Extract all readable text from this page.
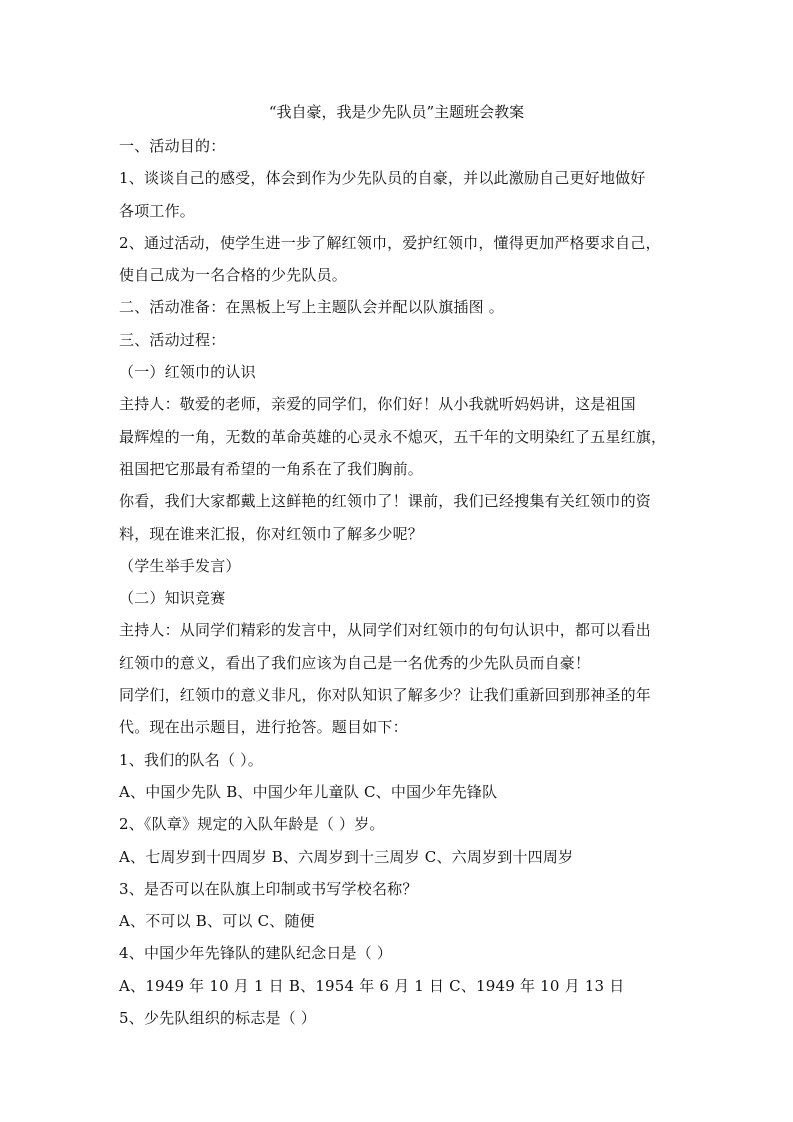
“我自豪，我是少先队员”主题班会教案
一、活动目的：
1、谈谈自己的感受，体会到作为少先队员的自豪，并以此激励自己更好地做好
各项工作。
2、通过活动，使学生进一步了解红领巾，爱护红领巾，懂得更加严格要求自己，
使自己成为一名合格的少先队员。
二、活动准备：在黑板上写上主题队会并配以队旗插图 。
三、活动过程：
（一）红领巾的认识
主持人：敬爱的老师，亲爱的同学们，你们好！从小我就听妈妈讲，这是祖国
最辉煌的一角，无数的革命英雄的心灵永不熄灭，五千年的文明染红了五星红旗，
祖国把它那最有希望的一角系在了我们胸前。
你看，我们大家都戴上这鲜艳的红领巾了！课前，我们已经搜集有关红领巾的资
料，现在谁来汇报，你对红领巾了解多少呢？
（学生举手发言）
（二）知识竞赛
主持人：从同学们精彩的发言中，从同学们对红领巾的句句认识中，都可以看出
红领巾的意义，看出了我们应该为自己是一名优秀的少先队员而自豪！
同学们，红领巾的意义非凡，你对队知识了解多少？让我们重新回到那神圣的年
代。现在出示题目，进行抢答。题目如下：
1、我们的队名（ ）。
A、中国少先队 B、中国少年儿童队 C、中国少年先锋队
2、《队章》规定的入队年龄是（ ）岁。
A、七周岁到十四周岁 B、六周岁到十三周岁 C、六周岁到十四周岁
3、是否可以在队旗上印制或书写学校名称？
A、不可以 B、可以 C、随便
4、中国少年先锋队的建队纪念日是（ ）
A、1949 年 10 月 1 日 B、1954 年 6 月 1 日 C、1949 年 10 月 13 日
5、少先队组织的标志是（ ）
